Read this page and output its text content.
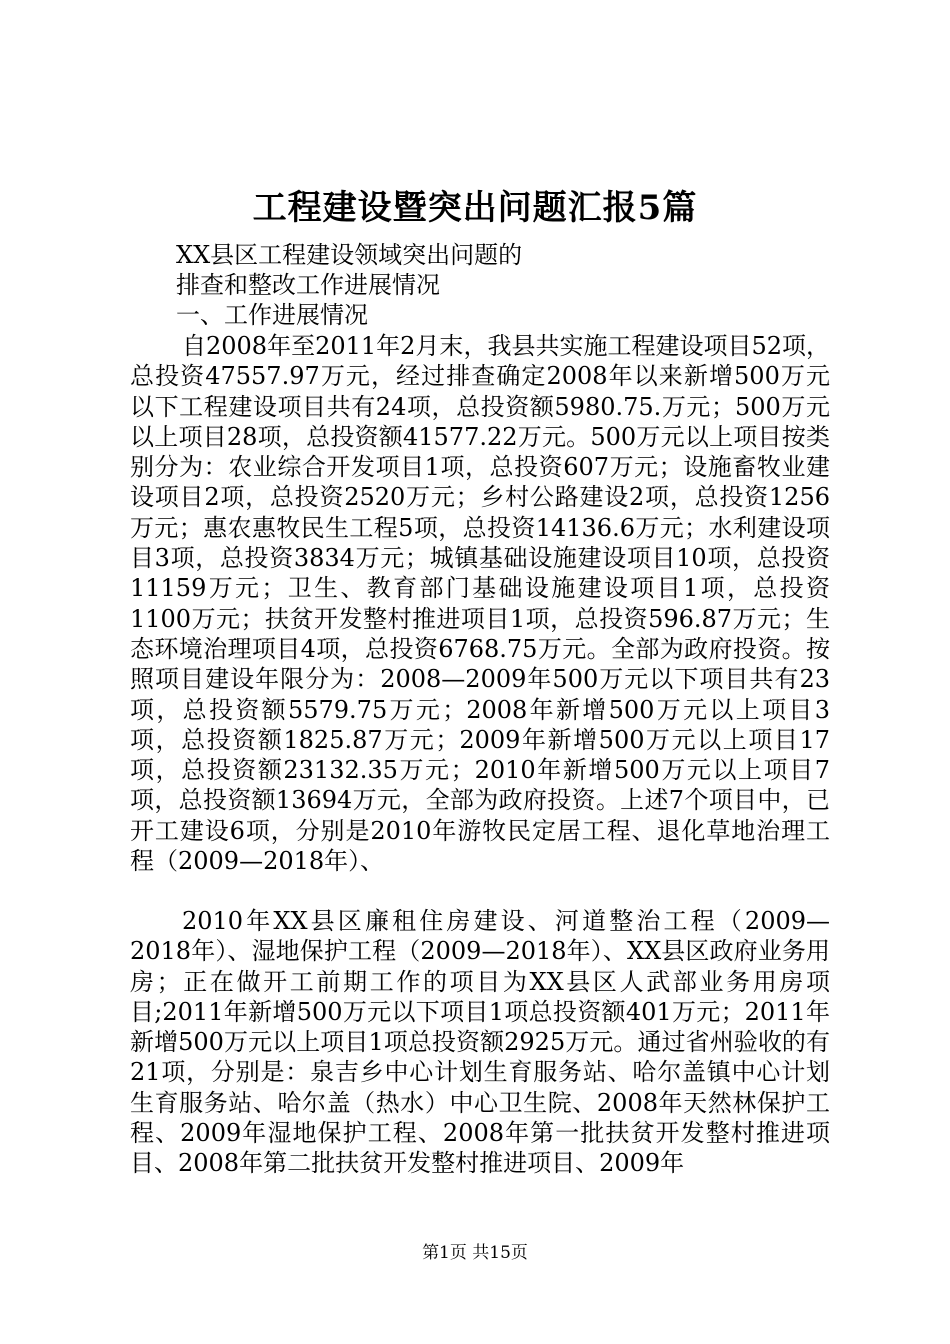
工程建设暨突出问题汇报5篇
XX县区工程建设领域突出问题的
排查和整改工作进展情况
一、工作进展情况

自2008年至2011年2月末，我县共实施工程建设项目52项，总投资47557.97万元，经过排查确定2008年以来新增500万元以下工程建设项目共有24项，总投资额5980.75.万元；500万元以上项目28项，总投资额41577.22万元。500万元以上项目按类别分为：农业综合开发项目1项，总投资607万元；设施畜牧业建设项目2项，总投资2520万元；乡村公路建设2项，总投资1256万元；惠农惠牧民生工程5项，总投资14136.6万元；水利建设项目3项，总投资3834万元；城镇基础设施建设项目10项，总投资11159万元；卫生、教育部门基础设施建设项目1项，总投资1100万元；扶贫开发整村推进项目1项，总投资596.87万元；生态环境治理项目4项，总投资6768.75万元。全部为政府投资。按照项目建设年限分为：2008—2009年500万元以下项目共有23项，总投资额5579.75万元；2008年新增500万元以上项目3项，总投资额1825.87万元；2009年新增500万元以上项目17项，总投资额23132.35万元；2010年新增500万元以上项目7项，总投资额13694万元，全部为政府投资。上述7个项目中，已开工建设6项，分别是2010年游牧民定居工程、退化草地治理工程（2009—2018年）、

2010年XX县区廉租住房建设、河道整治工程（2009—2018年）、湿地保护工程（2009—2018年）、XX县区政府业务用房；正在做开工前期工作的项目为XX县区人武部业务用房项目;2011年新增500万元以下项目1项总投资额401万元；2011年新增500万元以上项目1项总投资额2925万元。通过省州验收的有21项，分别是：泉吉乡中心计划生育服务站、哈尔盖镇中心计划生育服务站、哈尔盖（热水）中心卫生院、2008年天然林保护工程、2009年湿地保护工程、2008年第一批扶贫开发整村推进项目、2008年第二批扶贫开发整村推进项目、2009年

第1页 共15页
